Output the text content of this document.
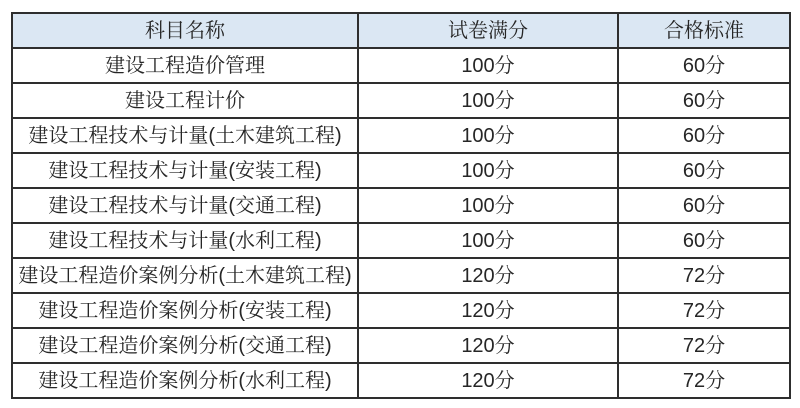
科目名称	试卷满分	合格标准
建设工程造价管理	100分	60分
建设工程计价	100分	60分
建设工程技术与计量(土木建筑工程)	100分	60分
建设工程技术与计量(安装工程)	100分	60分
建设工程技术与计量(交通工程)	100分	60分
建设工程技术与计量(水利工程)	100分	60分
建设工程造价案例分析(土木建筑工程)	120分	72分
建设工程造价案例分析(安装工程)	120分	72分
建设工程造价案例分析(交通工程)	120分	72分
建设工程造价案例分析(水利工程)	120分	72分
